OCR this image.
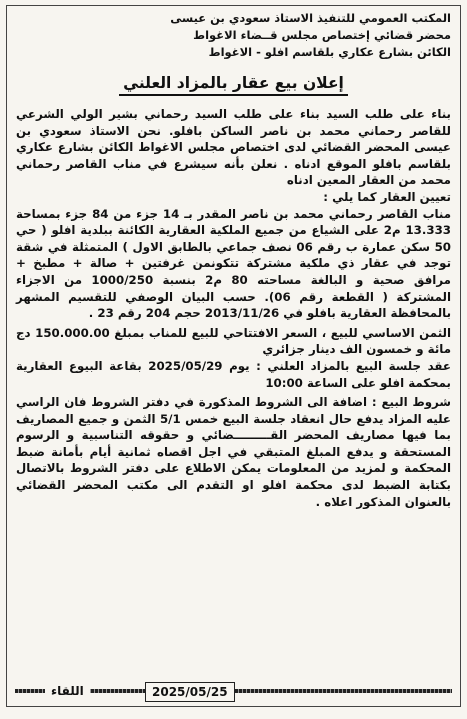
المكتب العمومي للتنفيذ الاستاذ سعودي بن عيسى
محضر قضائي إختصاص مجلس قــضاء الاغواط
الكائن بشارع عكاري بلقاسم افلو - الاغواط
إعلان بيع عقار بالمزاد العلني

بناء على طلب السيد بناء على طلب السيد رحماني بشير الولي الشرعي للقاصر رحماني محمد بن ناصر الساكن بافلو. نحن الاستاذ سعودي بن عيسى المحضر القضائي لدى اختصاص مجلس الاغواط الكائن بشارع عكاري بلقاسم بافلو الموقع ادناه . نعلن بأنه سيشرع في مناب القاصر رحماني محمد من العقار المعين ادناه

تعيين العقار كما يلي :

مناب القاصر رحماني محمد بن ناصر المقدر بـ 14 جزء من 84 جزء بمساحة 13.333 م2 على الشياع من جميع الملكية العقارية الكائنة ببلدية افلو ( حي 50 سكن عمارة ب رقم 06 نصف جماعي بالطابق الاول ) المتمثلة في شقة توجد في عقار ذي ملكية مشتركة تتكونمن غرفتين + صالة + مطبخ + مرافق صحية و البالغة مساحته 80 م2 بنسبة 1000/250 من الاجزاء المشتركة ( القطعة رقم 06). حسب البيان الوصفي للتقسيم المشهر بالمحافظة العقارية بافلو في 2013/11/26 حجم 204 رقم 23 .

الثمن الاساسي للبيع ، السعر الافتتاحي للبيع للمناب بمبلغ 150.000.00 دج مائة و خمسون الف دينار جزائري

عقد جلسة البيع بالمزاد العلني : يوم 2025/05/29 بقاعة البيوع العقارية بمحكمة افلو على الساعة 10:00

شروط البيع : اضافة الى الشروط المذكورة في دفتر الشروط فان الراسي عليه المزاد يدفع حال انعقاد جلسة البيع خمس 5/1 الثمن و جميع المصاريف بما فيها مصاريف المحضر القـــــــــضائي و حقوقه التناسبية و الرسوم المستحقة و يدفع المبلغ المتبقي في اجل اقصاه ثمانية أيام بأمانة ضبط المحكمة و لمزيد من المعلومات يمكن الاطلاع على دفتر الشروط بالاتصال بكتابة الضبط لدى محكمة افلو او التقدم الى مكتب المحضر القضائي بالعنوان المذكور اعلاه .

2025/05/25
اللقاء
